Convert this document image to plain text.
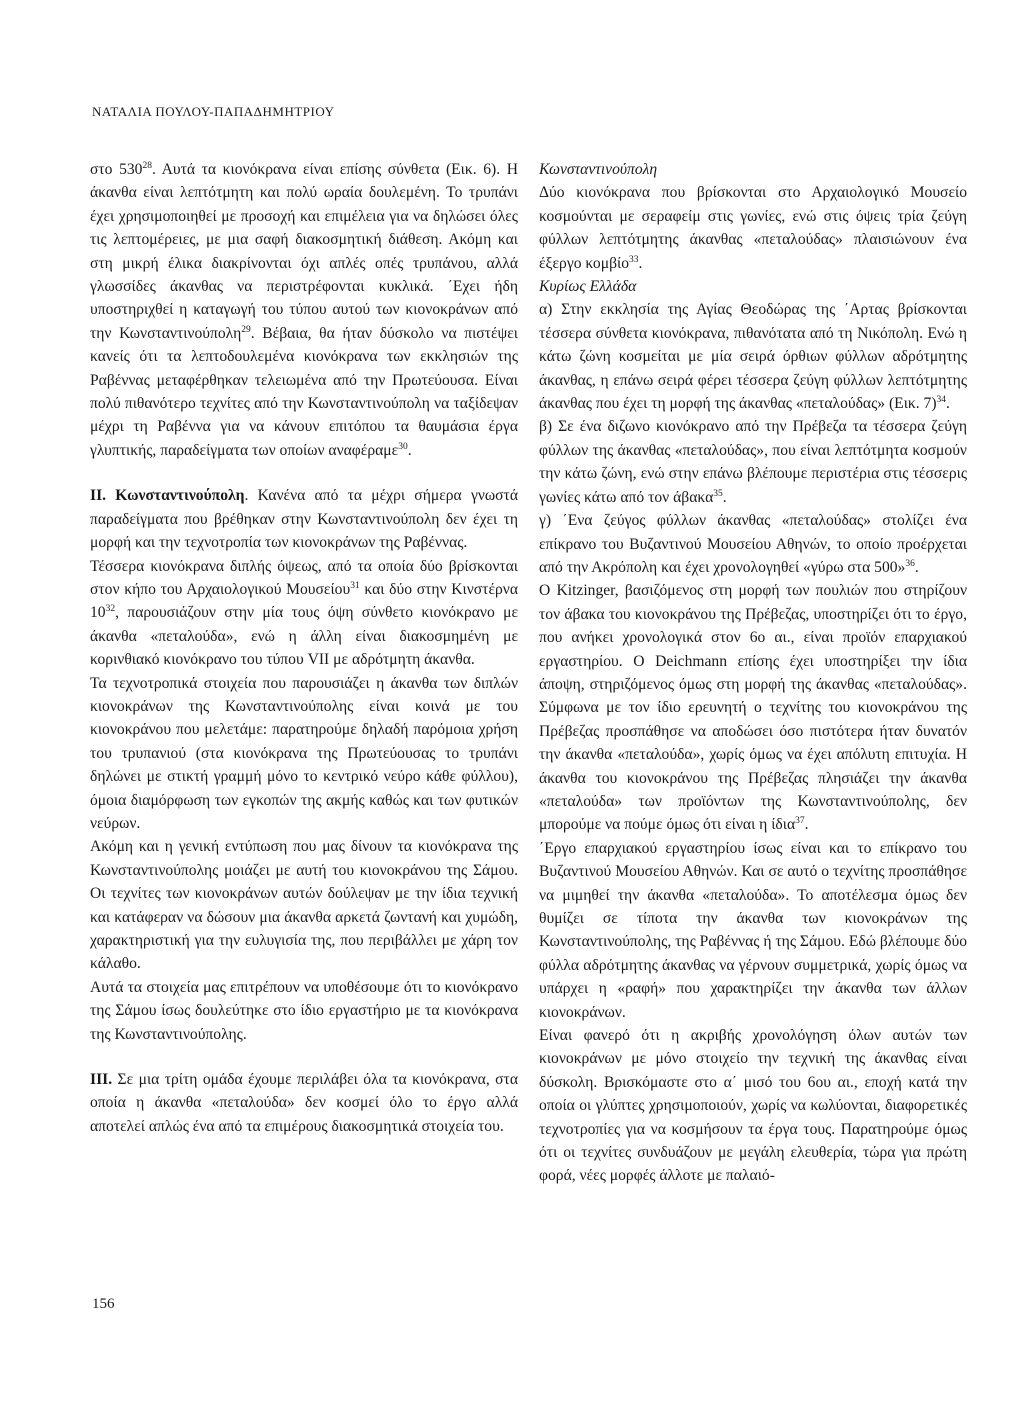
ΝΑΤΑΛΙΑ ΠΟΥΛΟΥ-ΠΑΠΑΔΗΜΗΤΡΙΟΥ

στο $530^{28}$. Αυτά τα κιονόκρανα είναι επίσης σύνθετα (Εικ. 6). Η άκανθα είναι λεπτότμητη και πολύ ωραία δουλεμένη. Το τρυπάνι έχει χρησιμοποιηθεί με προσοχή και επιμέλεια για να δηλώσει όλες τις λεπτομέρειες, με μια σαφή διακοσμητική διάθεση. Ακόμη και στη μικρή έλικα διακρίνονται όχι απλές οπές τρυπάνου, αλλά γλωσσίδες άκανθας να περιστρέφονται κυκλικά. ΄Εχει ήδη υποστηριχθεί η καταγωγή του τύπου αυτού των κιονοκράνων από την Κωνσταντινούπολη$^{29}$. Βέβαια, θα ήταν δύσκολο να πιστέψει κανείς ότι τα λεπτοδουλεμένα κιονόκρανα των εκκλησιών της Ραβέννας μεταφέρθηκαν τελειωμένα από την Πρωτεύουσα. Είναι πολύ πιθανότερο τεχνίτες από την Κωνσταντινούπολη να ταξίδεψαν μέχρι τη Ραβέννα για να κάνουν επιτόπου τα θαυμάσια έργα γλυπτικής, παραδείγματα των οποίων αναφέραμε$^{30}$.

ΙΙ. Κωνσταντινούπολη. Κανένα από τα μέχρι σήμερα γνωστά παραδείγματα που βρέθηκαν στην Κωνσταντινούπολη δεν έχει τη μορφή και την τεχνοτροπία των κιονοκράνων της Ραβέννας.

Τέσσερα κιονόκρανα διπλής όψεως, από τα οποία δύο βρίσκονται στον κήπο του Αρχαιολογικού Μουσείου$^{31}$ και δύο στην Κινστέρνα $10^{32}$, παρουσιάζουν στην μία τους όψη σύνθετο κιονόκρανο με άκανθα «πεταλούδα», ενώ η άλλη είναι διακοσμημένη με κορινθιακό κιονόκρανο του τύπου VII με αδρότμητη άκανθα.

Τα τεχνοτροπικά στοιχεία που παρουσιάζει η άκανθα των διπλών κιονοκράνων της Κωνσταντινούπολης είναι κοινά με του κιονοκράνου που μελετάμε: παρατηρούμε δηλαδή παρόμοια χρήση του τρυπανιού (στα κιονόκρανα της Πρωτεύουσας το τρυπάνι δηλώνει με στικτή γραμμή μόνο το κεντρικό νεύρο κάθε φύλλου), όμοια διαμόρφωση των εγκοπών της ακμής καθώς και των φυτικών νεύρων.

Ακόμη και η γενική εντύπωση που μας δίνουν τα κιονόκρανα της Κωνσταντινούπολης μοιάζει με αυτή του κιονοκράνου της Σάμου. Οι τεχνίτες των κιονοκράνων αυτών δούλεψαν με την ίδια τεχνική και κατάφεραν να δώσουν μια άκανθα αρκετά ζωντανή και χυμώδη, χαρακτηριστική για την ευλυγισία της, που περιβάλλει με χάρη τον κάλαθο.

Αυτά τα στοιχεία μας επιτρέπουν να υποθέσουμε ότι το κιονόκρανο της Σάμου ίσως δουλεύτηκε στο ίδιο εργαστήριο με τα κιονόκρανα της Κωνσταντινούπολης.

ΙΙΙ. Σε μια τρίτη ομάδα έχουμε περιλάβει όλα τα κιονόκρανα, στα οποία η άκανθα «πεταλούδα» δεν κοσμεί όλο το έργο αλλά αποτελεί απλώς ένα από τα επιμέρους διακοσμητικά στοιχεία του.

Κωνσταντινούπολη

Δύο κιονόκρανα που βρίσκονται στο Αρχαιολογικό Μουσείο κοσμούνται με σεραφείμ στις γωνίες, ενώ στις όψεις τρία ζεύγη φύλλων λεπτότμητης άκανθας «πεταλούδας» πλαισιώνουν ένα έξεργο κομβίο$^{33}$.

Κυρίως Ελλάδα

α) Στην εκκλησία της Αγίας Θεοδώρας της ΄Αρτας βρίσκονται τέσσερα σύνθετα κιονόκρανα, πιθανότατα από τη Νικόπολη. Ενώ η κάτω ζώνη κοσμείται με μία σειρά όρθιων φύλλων αδρότμητης άκανθας, η επάνω σειρά φέρει τέσσερα ζεύγη φύλλων λεπτότμητης άκανθας που έχει τη μορφή της άκανθας «πεταλούδας» (Εικ. 7)$^{34}$.

β) Σε ένα διζωνο κιονόκρανο από την Πρέβεζα τα τέσσερα ζεύγη φύλλων της άκανθας «πεταλούδας», που είναι λεπτότμητα κοσμούν την κάτω ζώνη, ενώ στην επάνω βλέπουμε περιστέρια στις τέσσερις γωνίες κάτω από τον άβακα$^{35}$.

γ) ΄Ενα ζεύγος φύλλων άκανθας «πεταλούδας» στολίζει ένα επίκρανο του Βυζαντινού Μουσείου Αθηνών, το οποίο προέρχεται από την Ακρόπολη και έχει χρονολογηθεί «γύρω στα 500»$^{36}$.

Ο Kitzinger, βασιζόμενος στη μορφή των πουλιών που στηρίζουν τον άβακα του κιονοκράνου της Πρέβεζας, υποστηρίζει ότι το έργο, που ανήκει χρονολογικά στον 6ο αι., είναι προϊόν επαρχιακού εργαστηρίου. Ο Deichmann επίσης έχει υποστηρίξει την ίδια άποψη, στηριζόμενος όμως στη μορφή της άκανθας «πεταλούδας». Σύμφωνα με τον ίδιο ερευνητή ο τεχνίτης του κιονοκράνου της Πρέβεζας προσπάθησε να αποδώσει όσο πιστότερα ήταν δυνατόν την άκανθα «πεταλούδα», χωρίς όμως να έχει απόλυτη επιτυχία. Η άκανθα του κιονοκράνου της Πρέβεζας πλησιάζει την άκανθα «πεταλούδα» των προϊόντων της Κωνσταντινούπολης, δεν μπορούμε να πούμε όμως ότι είναι η ίδια$^{37}$.

΄Εργο επαρχιακού εργαστηρίου ίσως είναι και το επίκρανο του Βυζαντινού Μουσείου Αθηνών. Και σε αυτό ο τεχνίτης προσπάθησε να μιμηθεί την άκανθα «πεταλούδα». Το αποτέλεσμα όμως δεν θυμίζει σε τίποτα την άκανθα των κιονοκράνων της Κωνσταντινούπολης, της Ραβέννας ή της Σάμου. Εδώ βλέπουμε δύο φύλλα αδρότμητης άκανθας να γέρνουν συμμετρικά, χωρίς όμως να υπάρχει η «ραφή» που χαρακτηρίζει την άκανθα των άλλων κιονοκράνων.

Είναι φανερό ότι η ακριβής χρονολόγηση όλων αυτών των κιονοκράνων με μόνο στοιχείο την τεχνική της άκανθας είναι δύσκολη. Βρισκόμαστε στο α΄ μισό του 6ου αι., εποχή κατά την οποία οι γλύπτες χρησιμοποιούν, χωρίς να κωλύονται, διαφορετικές τεχνοτροπίες για να κοσμήσουν τα έργα τους. Παρατηρούμε όμως ότι οι τεχνίτες συνδυάζουν με μεγάλη ελευθερία, τώρα για πρώτη φορά, νέες μορφές άλλοτε με παλαιό-

156
